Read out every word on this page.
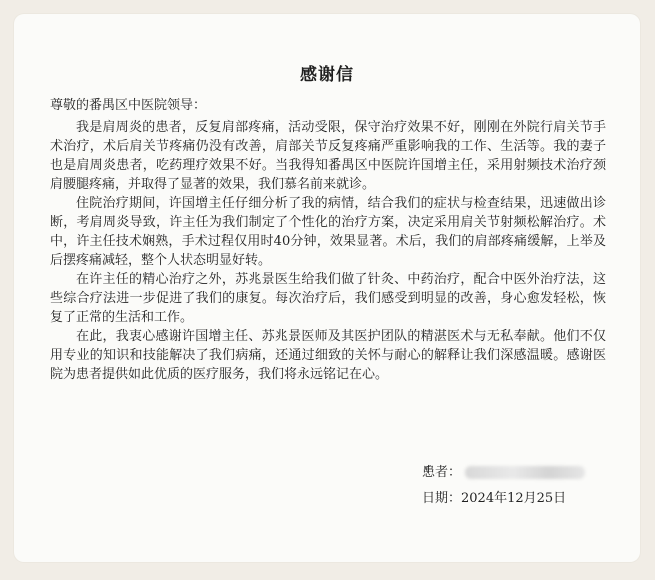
感谢信
尊敬的番禺区中医院领导：

我是肩周炎的患者，反复肩部疼痛，活动受限，保守治疗效果不好，刚刚在外院行肩关节手术治疗，术后肩关节疼痛仍没有改善，肩部关节反复疼痛严重影响我的工作、生活等。我的妻子也是肩周炎患者，吃药理疗效果不好。当我得知番禺区中医院许国增主任，采用射频技术治疗颈肩腰腿疼痛，并取得了显著的效果，我们慕名前来就诊。

住院治疗期间，许国增主任仔细分析了我的病情，结合我们的症状与检查结果，迅速做出诊断，考肩周炎导致，许主任为我们制定了个性化的治疗方案，决定采用肩关节射频松解治疗。术中，许主任技术娴熟，手术过程仅用时40分钟，效果显著。术后，我们的肩部疼痛缓解，上举及后摆疼痛减轻，整个人状态明显好转。

在许主任的精心治疗之外，苏兆景医生给我们做了针灸、中药治疗，配合中医外治疗法，这些综合疗法进一步促进了我们的康复。每次治疗后，我们感受到明显的改善，身心愈发轻松，恢复了正常的生活和工作。

在此，我衷心感谢许国增主任、苏兆景医师及其医护团队的精湛医术与无私奉献。他们不仅用专业的知识和技能解决了我们病痛，还通过细致的关怀与耐心的解释让我们深感温暖。感谢医院为患者提供如此优质的医疗服务，我们将永远铭记在心。

患者：
日期：2024年12月25日
